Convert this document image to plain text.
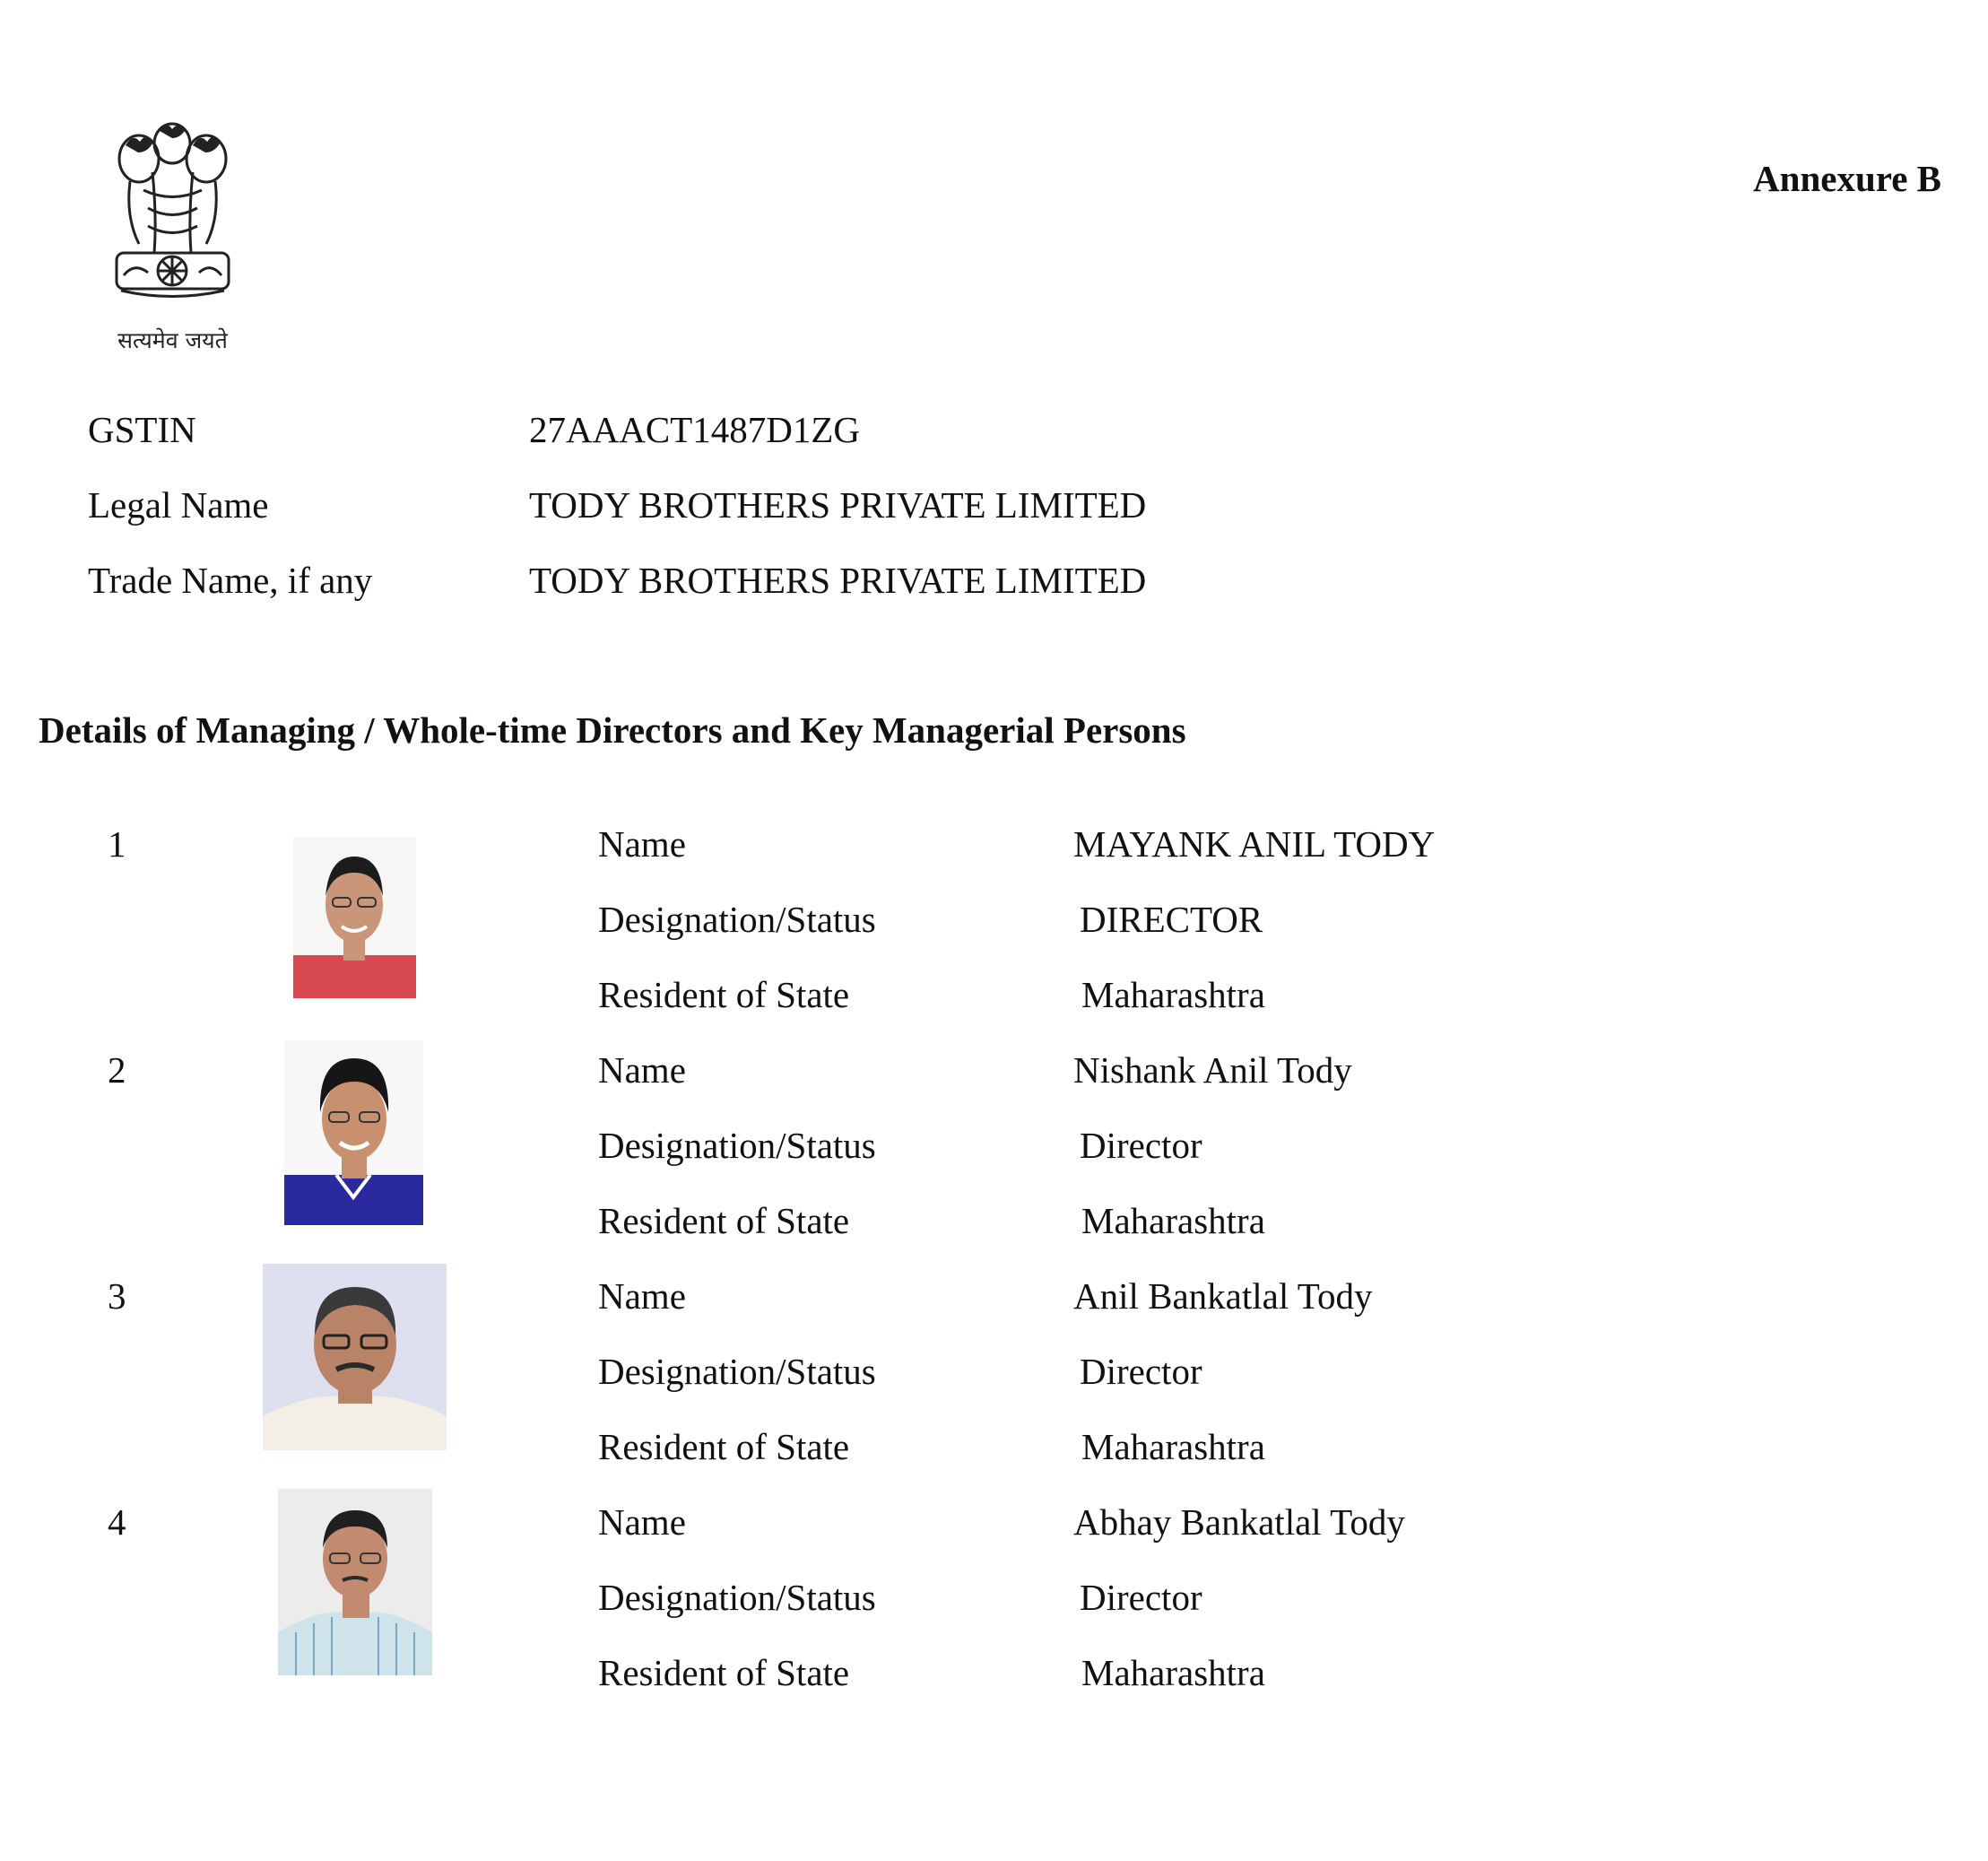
सत्यमेव जयते
Annexure B
GSTIN	27AAACT1487D1ZG
Legal Name	TODY BROTHERS PRIVATE LIMITED
Trade Name, if any	TODY BROTHERS PRIVATE LIMITED
Details of Managing / Whole-time Directors and Key Managerial Persons
1	Name	MAYANK ANIL TODY
Designation/Status	DIRECTOR
Resident of State	Maharashtra
2	Name	Nishank Anil Tody
Designation/Status	Director
Resident of State	Maharashtra
3	Name	Anil Bankatlal Tody
Designation/Status	Director
Resident of State	Maharashtra
4	Name	Abhay Bankatlal Tody
Designation/Status	Director
Resident of State	Maharashtra
